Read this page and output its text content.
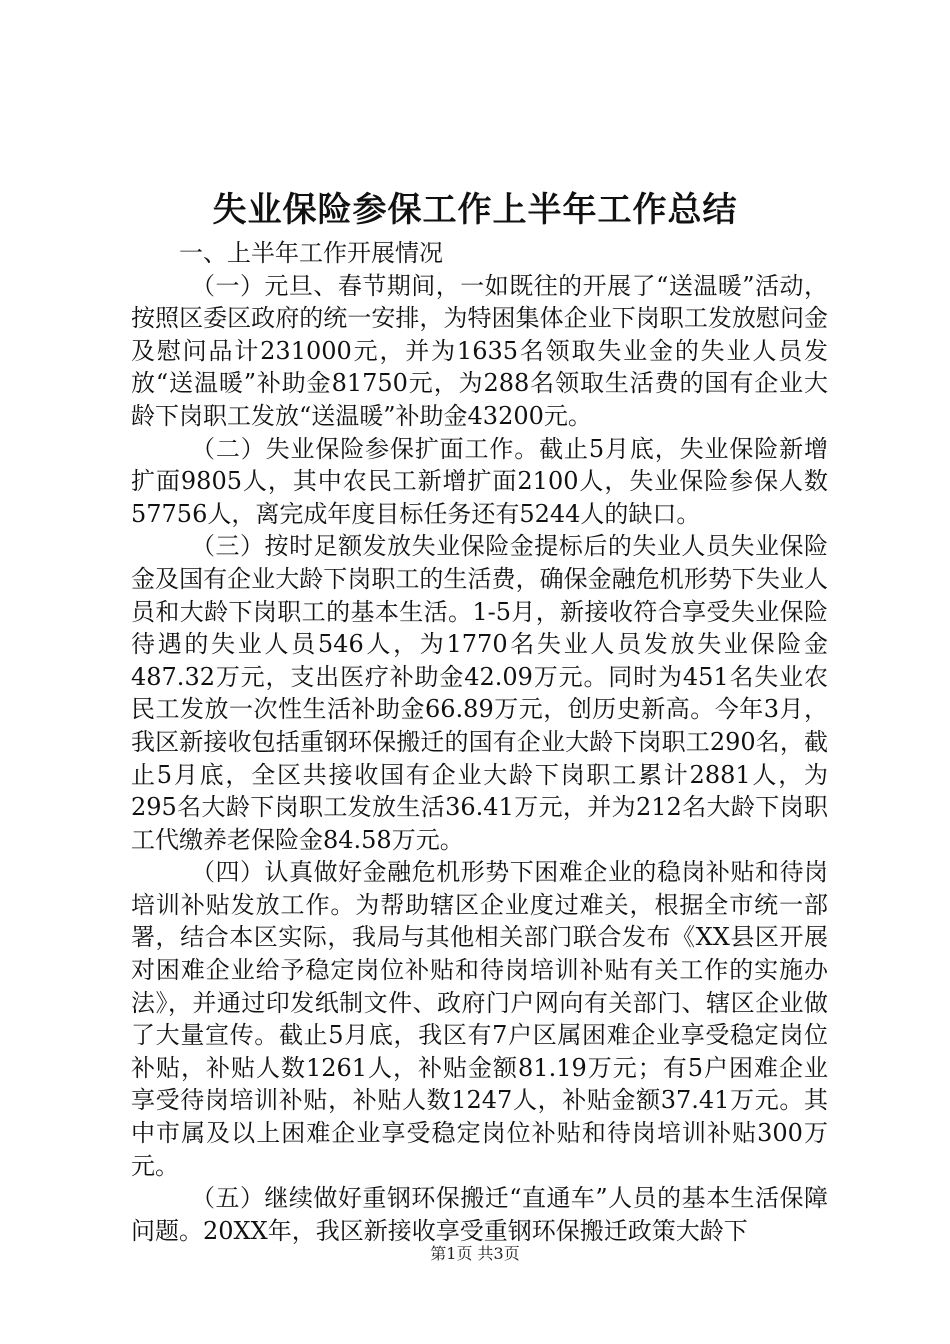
失业保险参保工作上半年工作总结

一、上半年工作开展情况

（一）元旦、春节期间，一如既往的开展了“送温暖”活动，按照区委区政府的统一安排，为特困集体企业下岗职工发放慰问金及慰问品计231000元，并为1635名领取失业金的失业人员发放“送温暖”补助金81750元，为288名领取生活费的国有企业大龄下岗职工发放“送温暖”补助金43200元。

（二）失业保险参保扩面工作。截止5月底，失业保险新增扩面9805人，其中农民工新增扩面2100人，失业保险参保人数57756人，离完成年度目标任务还有5244人的缺口。

（三）按时足额发放失业保险金提标后的失业人员失业保险金及国有企业大龄下岗职工的生活费，确保金融危机形势下失业人员和大龄下岗职工的基本生活。1-5月，新接收符合享受失业保险待遇的失业人员546人，为1770名失业人员发放失业保险金487.32万元，支出医疗补助金42.09万元。同时为451名失业农民工发放一次性生活补助金66.89万元，创历史新高。今年3月，我区新接收包括重钢环保搬迁的国有企业大龄下岗职工290名，截止5月底，全区共接收国有企业大龄下岗职工累计2881人，为295名大龄下岗职工发放生活36.41万元，并为212名大龄下岗职工代缴养老保险金84.58万元。

（四）认真做好金融危机形势下困难企业的稳岗补贴和待岗培训补贴发放工作。为帮助辖区企业度过难关，根据全市统一部署，结合本区实际，我局与其他相关部门联合发布《XX县区开展对困难企业给予稳定岗位补贴和待岗培训补贴有关工作的实施办法》，并通过印发纸制文件、政府门户网向有关部门、辖区企业做了大量宣传。截止5月底，我区有7户区属困难企业享受稳定岗位补贴，补贴人数1261人，补贴金额81.19万元；有5户困难企业享受待岗培训补贴，补贴人数1247人，补贴金额37.41万元。其中市属及以上困难企业享受稳定岗位补贴和待岗培训补贴300万元。

（五）继续做好重钢环保搬迁“直通车”人员的基本生活保障问题。20XX年，我区新接收享受重钢环保搬迁政策大龄下

第1页 共3页
